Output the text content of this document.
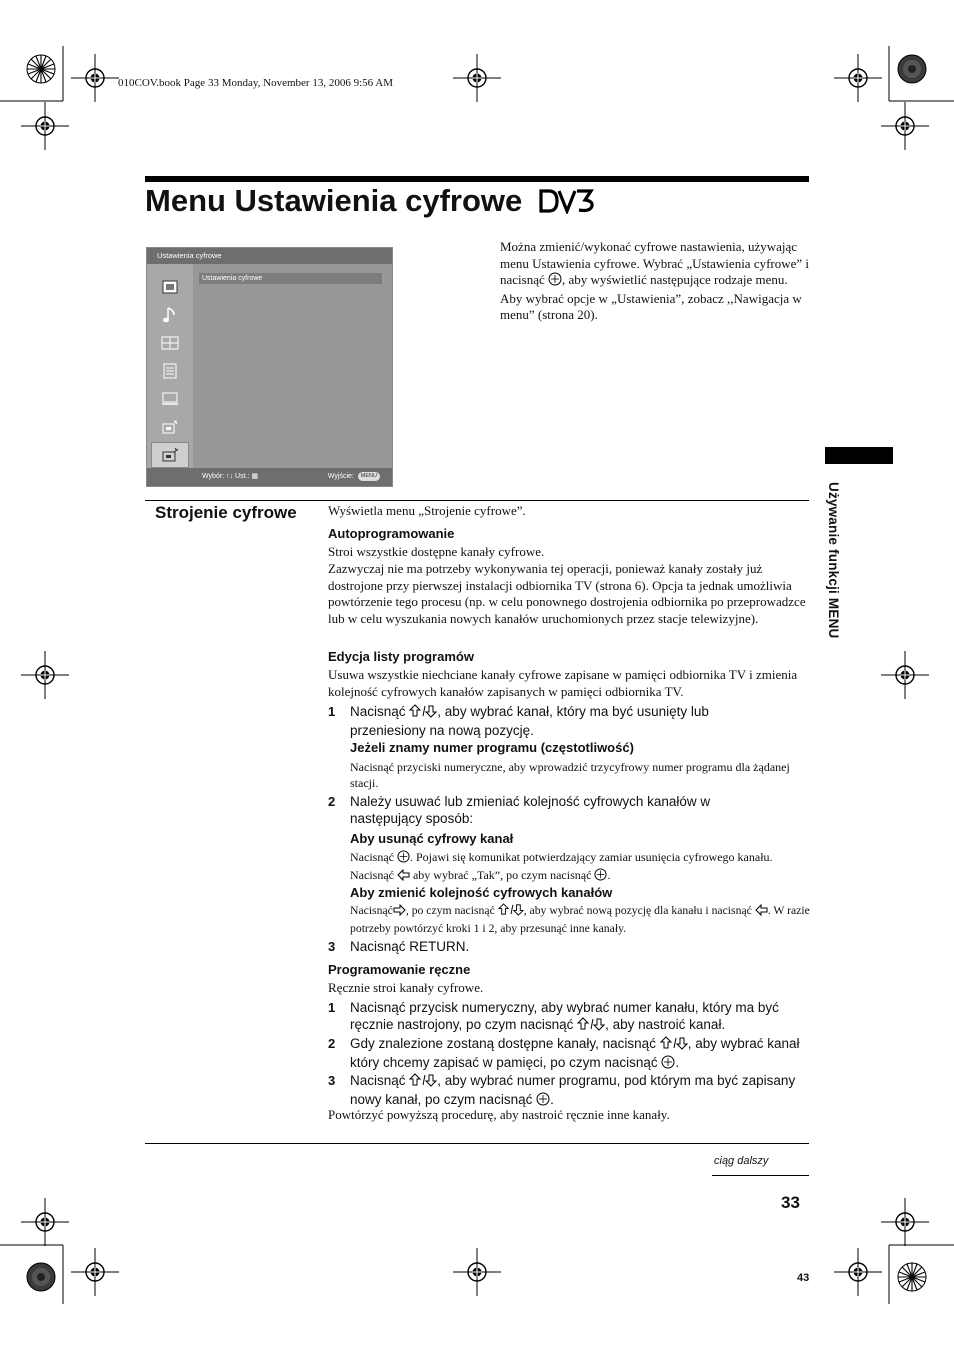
010COV.book Page 33 Monday, November 13, 2006 9:56 AM
Menu Ustawienia cyfrowe
Ustawienia cyfrowe
Ustawienia cyfrowe
Wybór: ↑↓ Ust.: ▦	Wyjście: MENU
Można zmienić/wykonać cyfrowe nastawienia, używając menu Ustawienia cyfrowe. Wybrać „Ustawienia cyfrowe” i nacisnąć , aby wyświetlić następujące rodzaje menu. Aby wybrać opcje w „Ustawienia”, zobacz ,,Nawigacja w menu” (strona 20).
Używanie funkcji MENU
Strojenie cyfrowe Wyświetla menu „Strojenie cyfrowe”.
Autoprogramowanie
Stroi wszystkie dostępne kanały cyfrowe.
Zazwyczaj nie ma potrzeby wykonywania tej operacji, ponieważ kanały zostały już dostrojone przy pierwszej instalacji odbiornika TV (strona 6). Opcja ta jednak umożliwia powtórzenie tego procesu (np. w celu ponownego dostrojenia odbiornika po przeprowadzce lub w celu wyszukania nowych kanałów uruchomionych przez stacje telewizyjne).
Edycja listy programów
Usuwa wszystkie niechciane kanały cyfrowe zapisane w pamięci odbiornika TV i zmienia kolejność cyfrowych kanałów zapisanych w pamięci odbiornika TV.
1 Nacisnąć , aby wybrać kanał, który ma być usunięty lub przeniesiony na nową pozycję.
Jeżeli znamy numer programu (częstotliwość)
Nacisnąć przyciski numeryczne, aby wprowadzić trzycyfrowy numer programu dla żądanej stacji.
2 Należy usuwać lub zmieniać kolejność cyfrowych kanałów w następujący sposób:
Aby usunąć cyfrowy kanał
Nacisnąć . Pojawi się komunikat potwierdzający zamiar usunięcia cyfrowego kanału. Nacisnąć aby wybrać „Tak”, po czym nacisnąć .
Aby zmienić kolejność cyfrowych kanałów
Nacisnąć , po czym nacisnąć , aby wybrać nową pozycję dla kanału i nacisnąć . W razie potrzeby powtórzyć kroki 1 i 2, aby przesunąć inne kanały.
3 Nacisnąć RETURN.
Programowanie ręczne
Ręcznie stroi kanały cyfrowe.
1 Nacisnąć przycisk numeryczny, aby wybrać numer kanału, który ma być ręcznie nastrojony, po czym nacisnąć , aby nastroić kanał.
2 Gdy znalezione zostaną dostępne kanały, nacisnąć , aby wybrać kanał który chcemy zapisać w pamięci, po czym nacisnąć .
3 Nacisnąć , aby wybrać numer programu, pod którym ma być zapisany nowy kanał, po czym nacisnąć .
Powtórzyć powyższą procedurę, aby nastroić ręcznie inne kanały.
ciąg dalszy
33
43
